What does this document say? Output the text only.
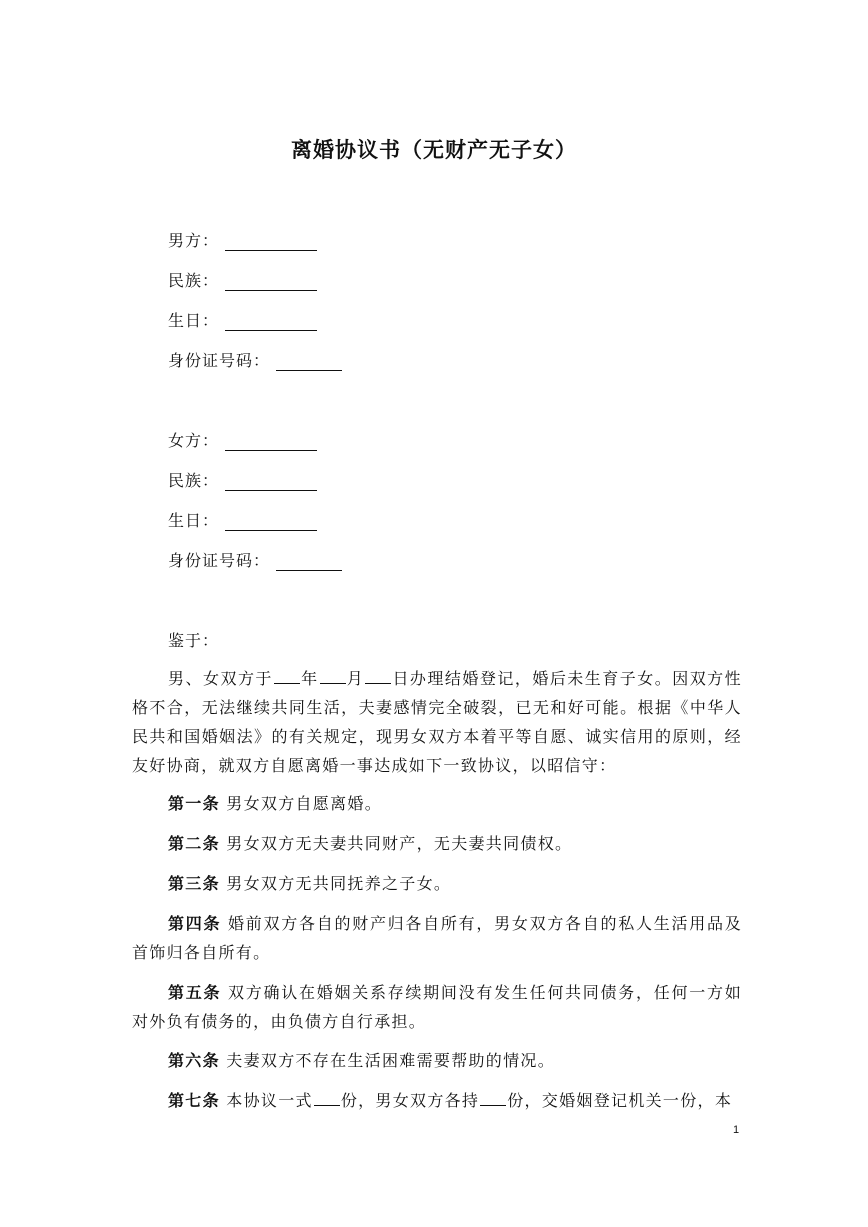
离婚协议书（无财产无子女）
男方：
民族：
生日：
身份证号码：
女方：
民族：
生日：
身份证号码：
鉴于：
男、女双方于 年 月 日办理结婚登记，婚后未生育子女。因双方性格不合，无法继续共同生活，夫妻感情完全破裂，已无和好可能。根据《中华人民共和国婚姻法》的有关规定，现男女双方本着平等自愿、诚实信用的原则，经友好协商，就双方自愿离婚一事达成如下一致协议，以昭信守：
第一条 男女双方自愿离婚。
第二条 男女双方无夫妻共同财产，无夫妻共同债权。
第三条 男女双方无共同抚养之子女。
第四条 婚前双方各自的财产归各自所有，男女双方各自的私人生活用品及首饰归各自所有。
第五条 双方确认在婚姻关系存续期间没有发生任何共同债务，任何一方如对外负有债务的，由负债方自行承担。
第六条 夫妻双方不存在生活困难需要帮助的情况。
第七条 本协议一式 份，男女双方各持 份，交婚姻登记机关一份，本
1
